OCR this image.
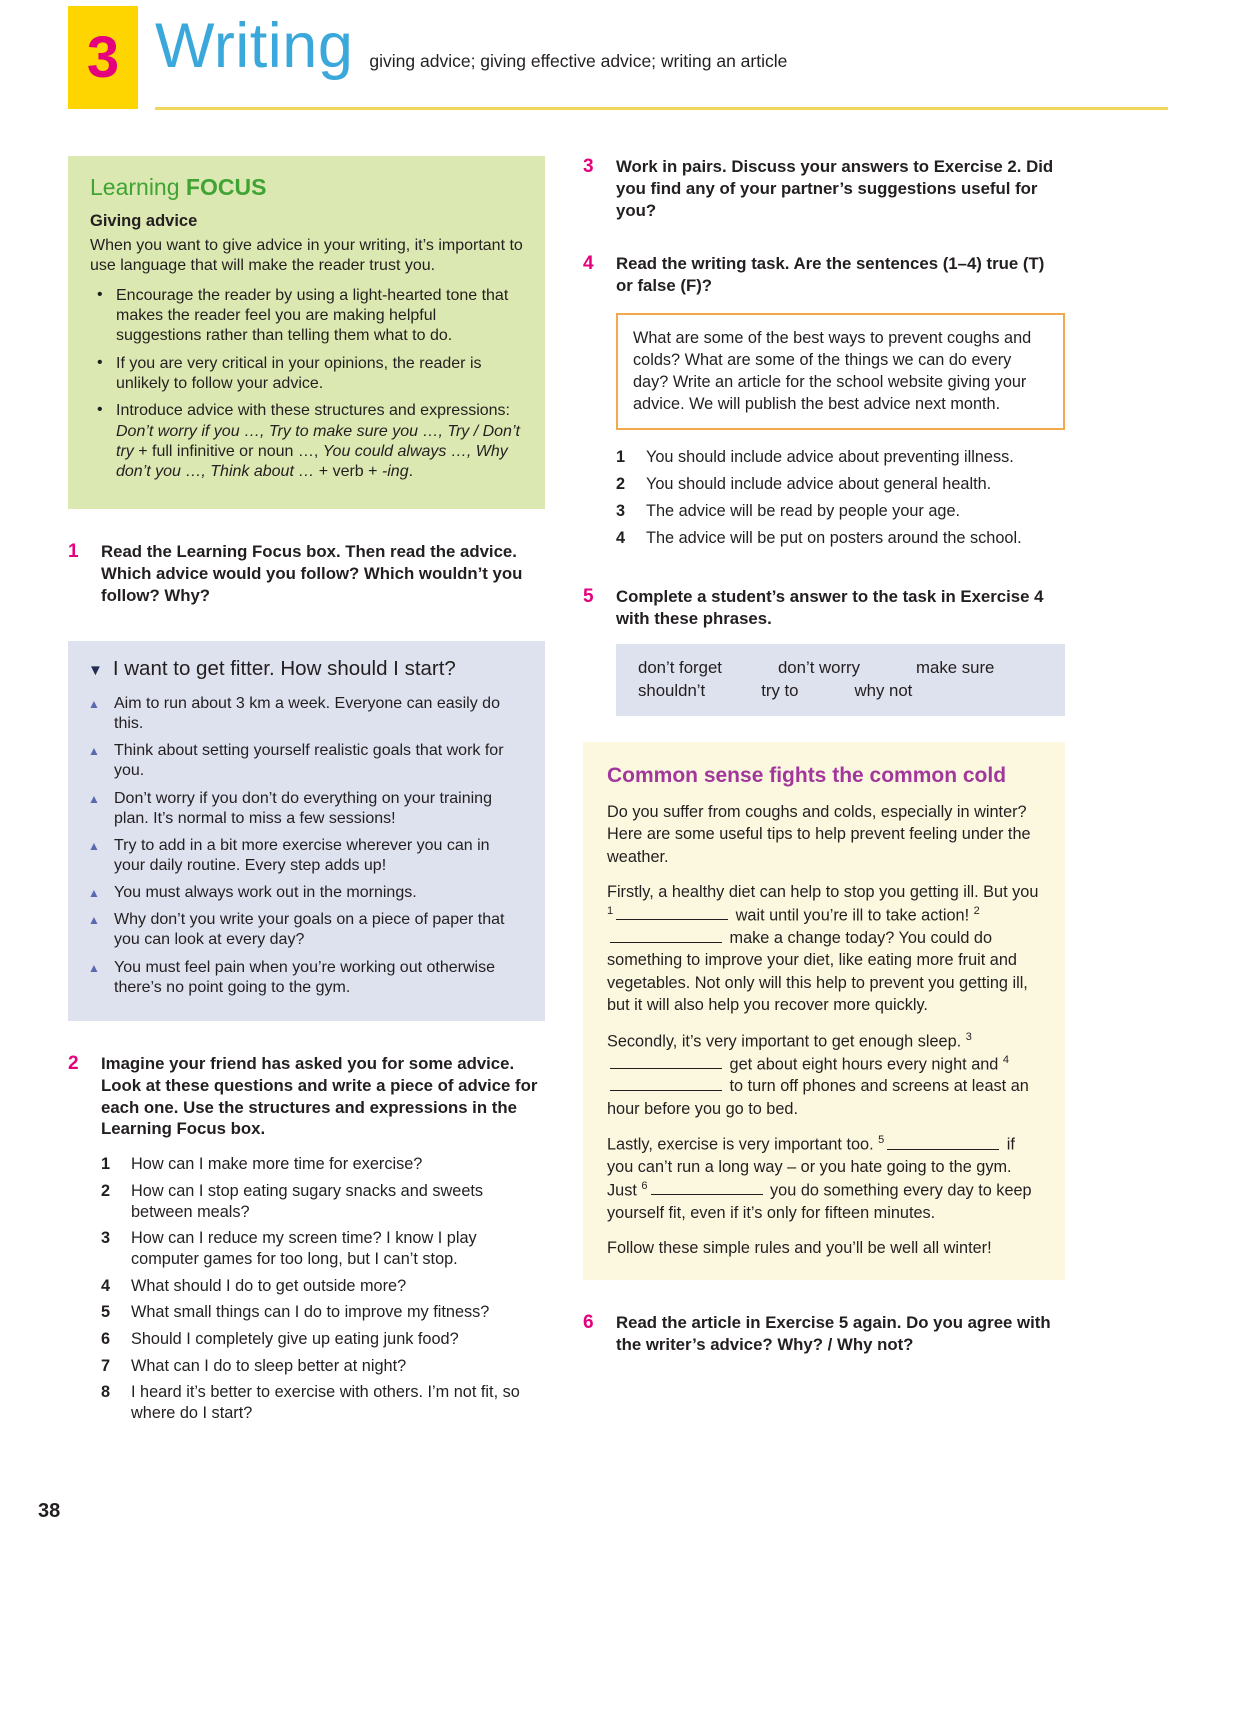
3 Writing giving advice; giving effective advice; writing an article
Learning FOCUS
Giving advice

When you want to give advice in your writing, it’s important to use language that will make the reader trust you.

• Encourage the reader by using a light-hearted tone that makes the reader feel you are making helpful suggestions rather than telling them what to do.
• If you are very critical in your opinions, the reader is unlikely to follow your advice.
• Introduce advice with these structures and expressions: Don’t worry if you …, Try to make sure you …, Try / Don’t try + full infinitive or noun …, You could always …, Why don’t you …, Think about … + verb + -ing.
1	Read the Learning Focus box. Then read the advice. Which advice would you follow? Which wouldn’t you follow? Why?

▼ I want to get fitter. How should I start?
▲ Aim to run about 3 km a week. Everyone can easily do this.
▲ Think about setting yourself realistic goals that work for you.
▲ Don’t worry if you don’t do everything on your training plan. It’s normal to miss a few sessions!
▲ Try to add in a bit more exercise wherever you can in your daily routine. Every step adds up!
▲ You must always work out in the mornings.
▲ Why don’t you write your goals on a piece of paper that you can look at every day?
▲ You must feel pain when you’re working out otherwise there’s no point going to the gym.
2	Imagine your friend has asked you for some advice. Look at these questions and write a piece of advice for each one. Use the structures and expressions in the Learning Focus box.

1	How can I make more time for exercise?
2	How can I stop eating sugary snacks and sweets between meals?
3	How can I reduce my screen time? I know I play computer games for too long, but I can’t stop.
4	What should I do to get outside more?
5	What small things can I do to improve my fitness?
6	Should I completely give up eating junk food?
7	What can I do to sleep better at night?
8	I heard it’s better to exercise with others. I’m not fit, so where do I start?
3	Work in pairs. Discuss your answers to Exercise 2. Did you find any of your partner’s suggestions useful for you?

4	Read the writing task. Are the sentences (1–4) true (T) or false (F)?

What are some of the best ways to prevent coughs and colds? What are some of the things we can do every day? Write an article for the school website giving your advice. We will publish the best advice next month.

1	You should include advice about preventing illness.
2	You should include advice about general health.
3	The advice will be read by people your age.
4	The advice will be put on posters around the school.
5	Complete a student’s answer to the task in Exercise 4 with these phrases.

don’t forget	don’t worry	make sure
shouldn’t	try to	why not
Common sense fights the common cold

Do you suffer from coughs and colds, especially in winter? Here are some useful tips to help prevent feeling under the weather.

Firstly, a healthy diet can help to stop you getting ill. But you $^1$	wait until you’re ill to take action! $^2$ make a change today? You could do something to improve your diet, like eating more fruit and vegetables. Not only will this help to prevent you getting ill, but it will also help you recover more quickly.

Secondly, it’s very important to get enough sleep. $^3$ get about eight hours every night and $^4$ to turn off phones and screens at least an hour before you go to bed.

Lastly, exercise is very important too. $^5$	if you can’t run a long way – or you hate going to the gym. Just $^6$	you do something every day to keep yourself fit, even if it’s only for fifteen minutes.

Follow these simple rules and you’ll be well all winter!

6	Read the article in Exercise 5 again. Do you agree with the writer’s advice? Why? / Why not?

38
